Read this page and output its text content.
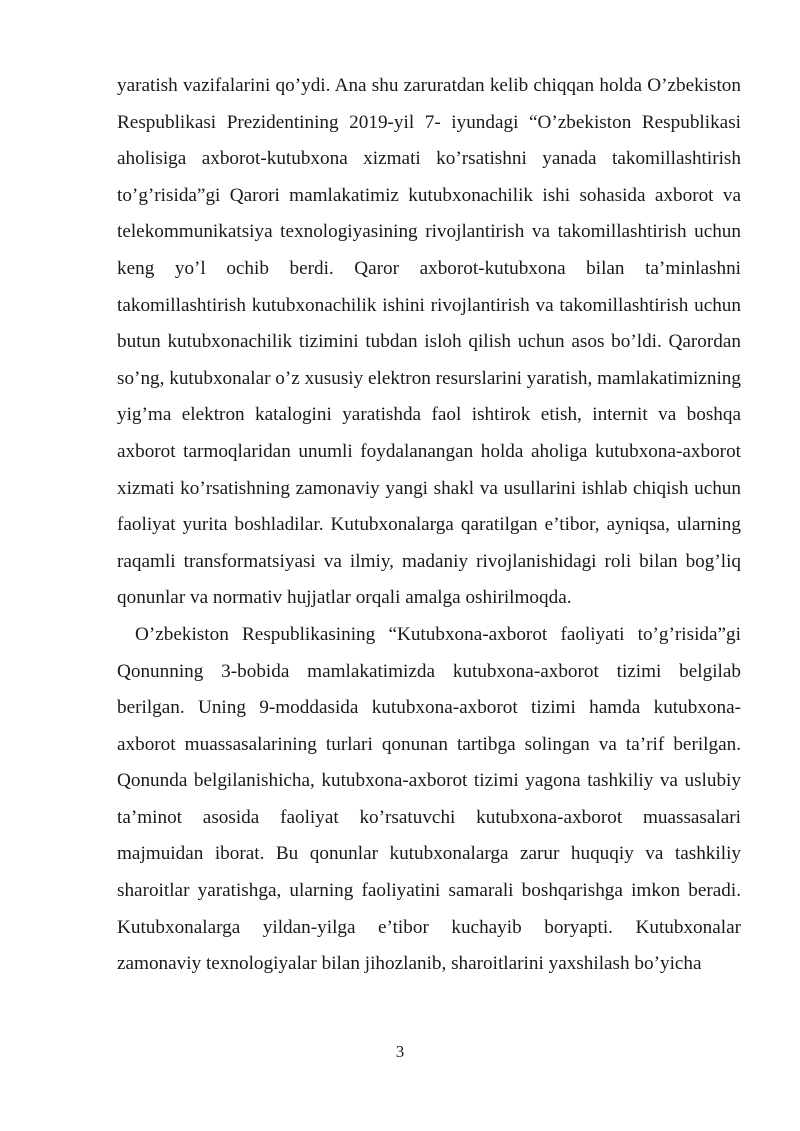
yaratish vazifalarini qo’ydi. Ana shu zaruratdan kelib chiqqan holda O’zbekiston Respublikasi Prezidentining 2019-yil 7- iyundagi “O’zbekiston Respublikasi aholisiga axborot-kutubxona xizmati ko’rsatishni yanada takomillashtirish to’g’risida”gi Qarori mamlakatimiz kutubxonachilik ishi sohasida axborot va telekommunikatsiya texnologiyasining rivojlantirish va takomillashtirish uchun keng yo’l ochib berdi. Qaror axborot-kutubxona bilan ta’minlashni takomillashtirish kutubxonachilik ishini rivojlantirish va takomillashtirish uchun butun kutubxonachilik tizimini tubdan isloh qilish uchun asos bo’ldi. Qarordan so’ng, kutubxonalar o’z xususiy elektron resurslarini yaratish, mamlakatimizning yig’ma elektron katalogini yaratishda faol ishtirok etish, internit va boshqa axborot tarmoqlaridan unumli foydalanangan holda aholiga kutubxona-axborot xizmati ko’rsatishning zamonaviy yangi shakl va usullarini ishlab chiqish uchun faoliyat yurita boshladilar. Kutubxonalarga qaratilgan e’tibor, ayniqsa, ularning raqamli transformatsiyasi va ilmiy, madaniy rivojlanishidagi roli bilan bog’liq qonunlar va normativ hujjatlar orqali amalga oshirilmoqda.

O’zbekiston Respublikasining “Kutubxona-axborot faoliyati to’g’risida”gi Qonunning 3-bobida mamlakatimizda kutubxona-axborot tizimi belgilab berilgan. Uning 9-moddasida kutubxona-axborot tizimi hamda kutubxona-axborot muassasalarining turlari qonunan tartibga solingan va ta’rif berilgan. Qonunda belgilanishicha, kutubxona-axborot tizimi yagona tashkiliy va uslubiy ta’minot asosida faoliyat ko’rsatuvchi kutubxona-axborot muassasalari majmuidan iborat. Bu qonunlar kutubxonalarga zarur huquqiy va tashkiliy sharoitlar yaratishga, ularning faoliyatini samarali boshqarishga imkon beradi. Kutubxonalarga yildan-yilga e’tibor kuchayib boryapti. Kutubxonalar zamonaviy texnologiyalar bilan jihozlanib, sharoitlarini yaxshilash bo’yicha

3
